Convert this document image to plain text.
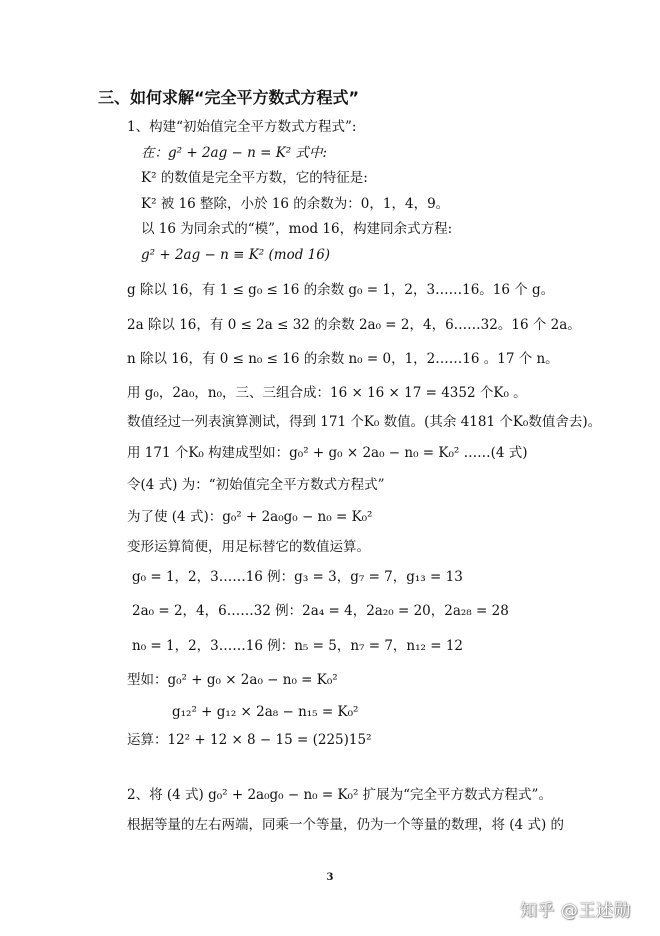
三、如何求解“完全平方数式方程式”
1、构建“初始值完全平方数式方程式”:
在：g² + 2ag − n = K² 式中:
K² 的数值是完全平方数，它的特征是:
K² 被 16 整除，小於 16 的余数为：0，1，4，9。
以 16 为同余式的“模”，mod 16，构建同余式方程:
g² + 2ag − n ≡ K² (mod 16)
g 除以 16，有 1 ≤ g₀ ≤ 16 的余数 g₀ = 1，2，3……16。16 个 g。
2a 除以 16，有 0 ≤ 2a ≤ 32 的余数 2a₀ = 2，4，6……32。16 个 2a。
n 除以 16，有 0 ≤ n₀ ≤ 16 的余数 n₀ = 0，1，2……16 。17 个 n。
用 g₀，2a₀，n₀，三、三组合成：16 × 16 × 17 = 4352 个K₀ 。
数值经过一列表演算测试，得到 171 个K₀ 数值。(其余 4181 个K₀数值舍去)。
用 171 个K₀ 构建成型如：g₀² + g₀ × 2a₀ − n₀ = K₀² ……(4 式)
令(4 式) 为：“初始值完全平方数式方程式”
为了使 (4 式)：g₀² + 2a₀g₀ − n₀ = K₀²
变形运算简便，用足标替它的数值运算。
g₀ = 1，2，3……16 例：g₃ = 3，g₇ = 7，g₁₃ = 13
2a₀ = 2，4，6……32 例：2a₄ = 4，2a₂₀ = 20，2a₂₈ = 28
n₀ = 1，2，3……16 例：n₅ = 5，n₇ = 7，n₁₂ = 12
型如：g₀² + g₀ × 2a₀ − n₀ = K₀²
g₁₂² + g₁₂ × 2a₈ − n₁₅ = K₀²
运算：12² + 12 × 8 − 15 = (225)15²
2、将 (4 式) g₀² + 2a₀g₀ − n₀ = K₀² 扩展为“完全平方数式方程式”。
根据等量的左右两端，同乘一个等量，仍为一个等量的数理，将 (4 式) 的
3
知乎 @王述勋
